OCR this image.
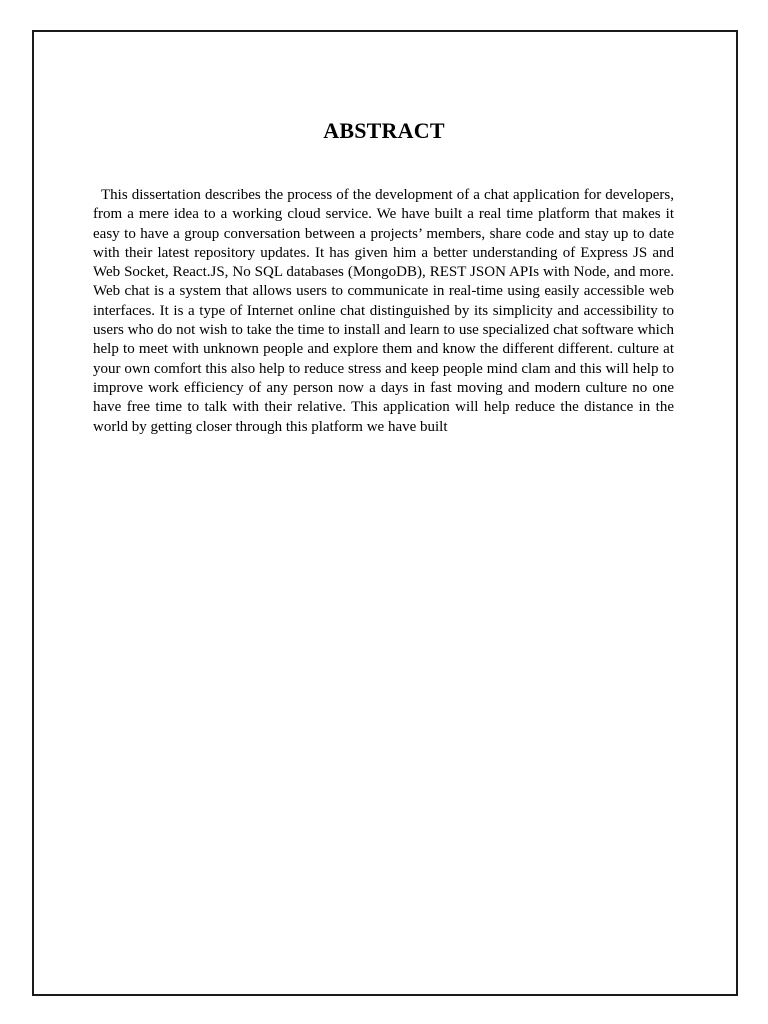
ABSTRACT

This dissertation describes the process of the development of a chat application for developers, from a mere idea to a working cloud service. We have built a real time platform that makes it easy to have a group conversation between a projects’ members, share code and stay up to date with their latest repository updates. It has given him a better understanding of Express JS and Web Socket, React.JS, No SQL databases (MongoDB), REST JSON APIs with Node, and more. Web chat is a system that allows users to communicate in real-time using easily accessible web interfaces. It is a type of Internet online chat distinguished by its simplicity and accessibility to users who do not wish to take the time to install and learn to use specialized chat software which help to meet with unknown people and explore them and know the different different. culture at your own comfort this also help to reduce stress and keep people mind clam and this will help to improve work efficiency of any person now a days in fast moving and modern culture no one have free time to talk with their relative. This application will help reduce the distance in the world by getting closer through this platform we have built
